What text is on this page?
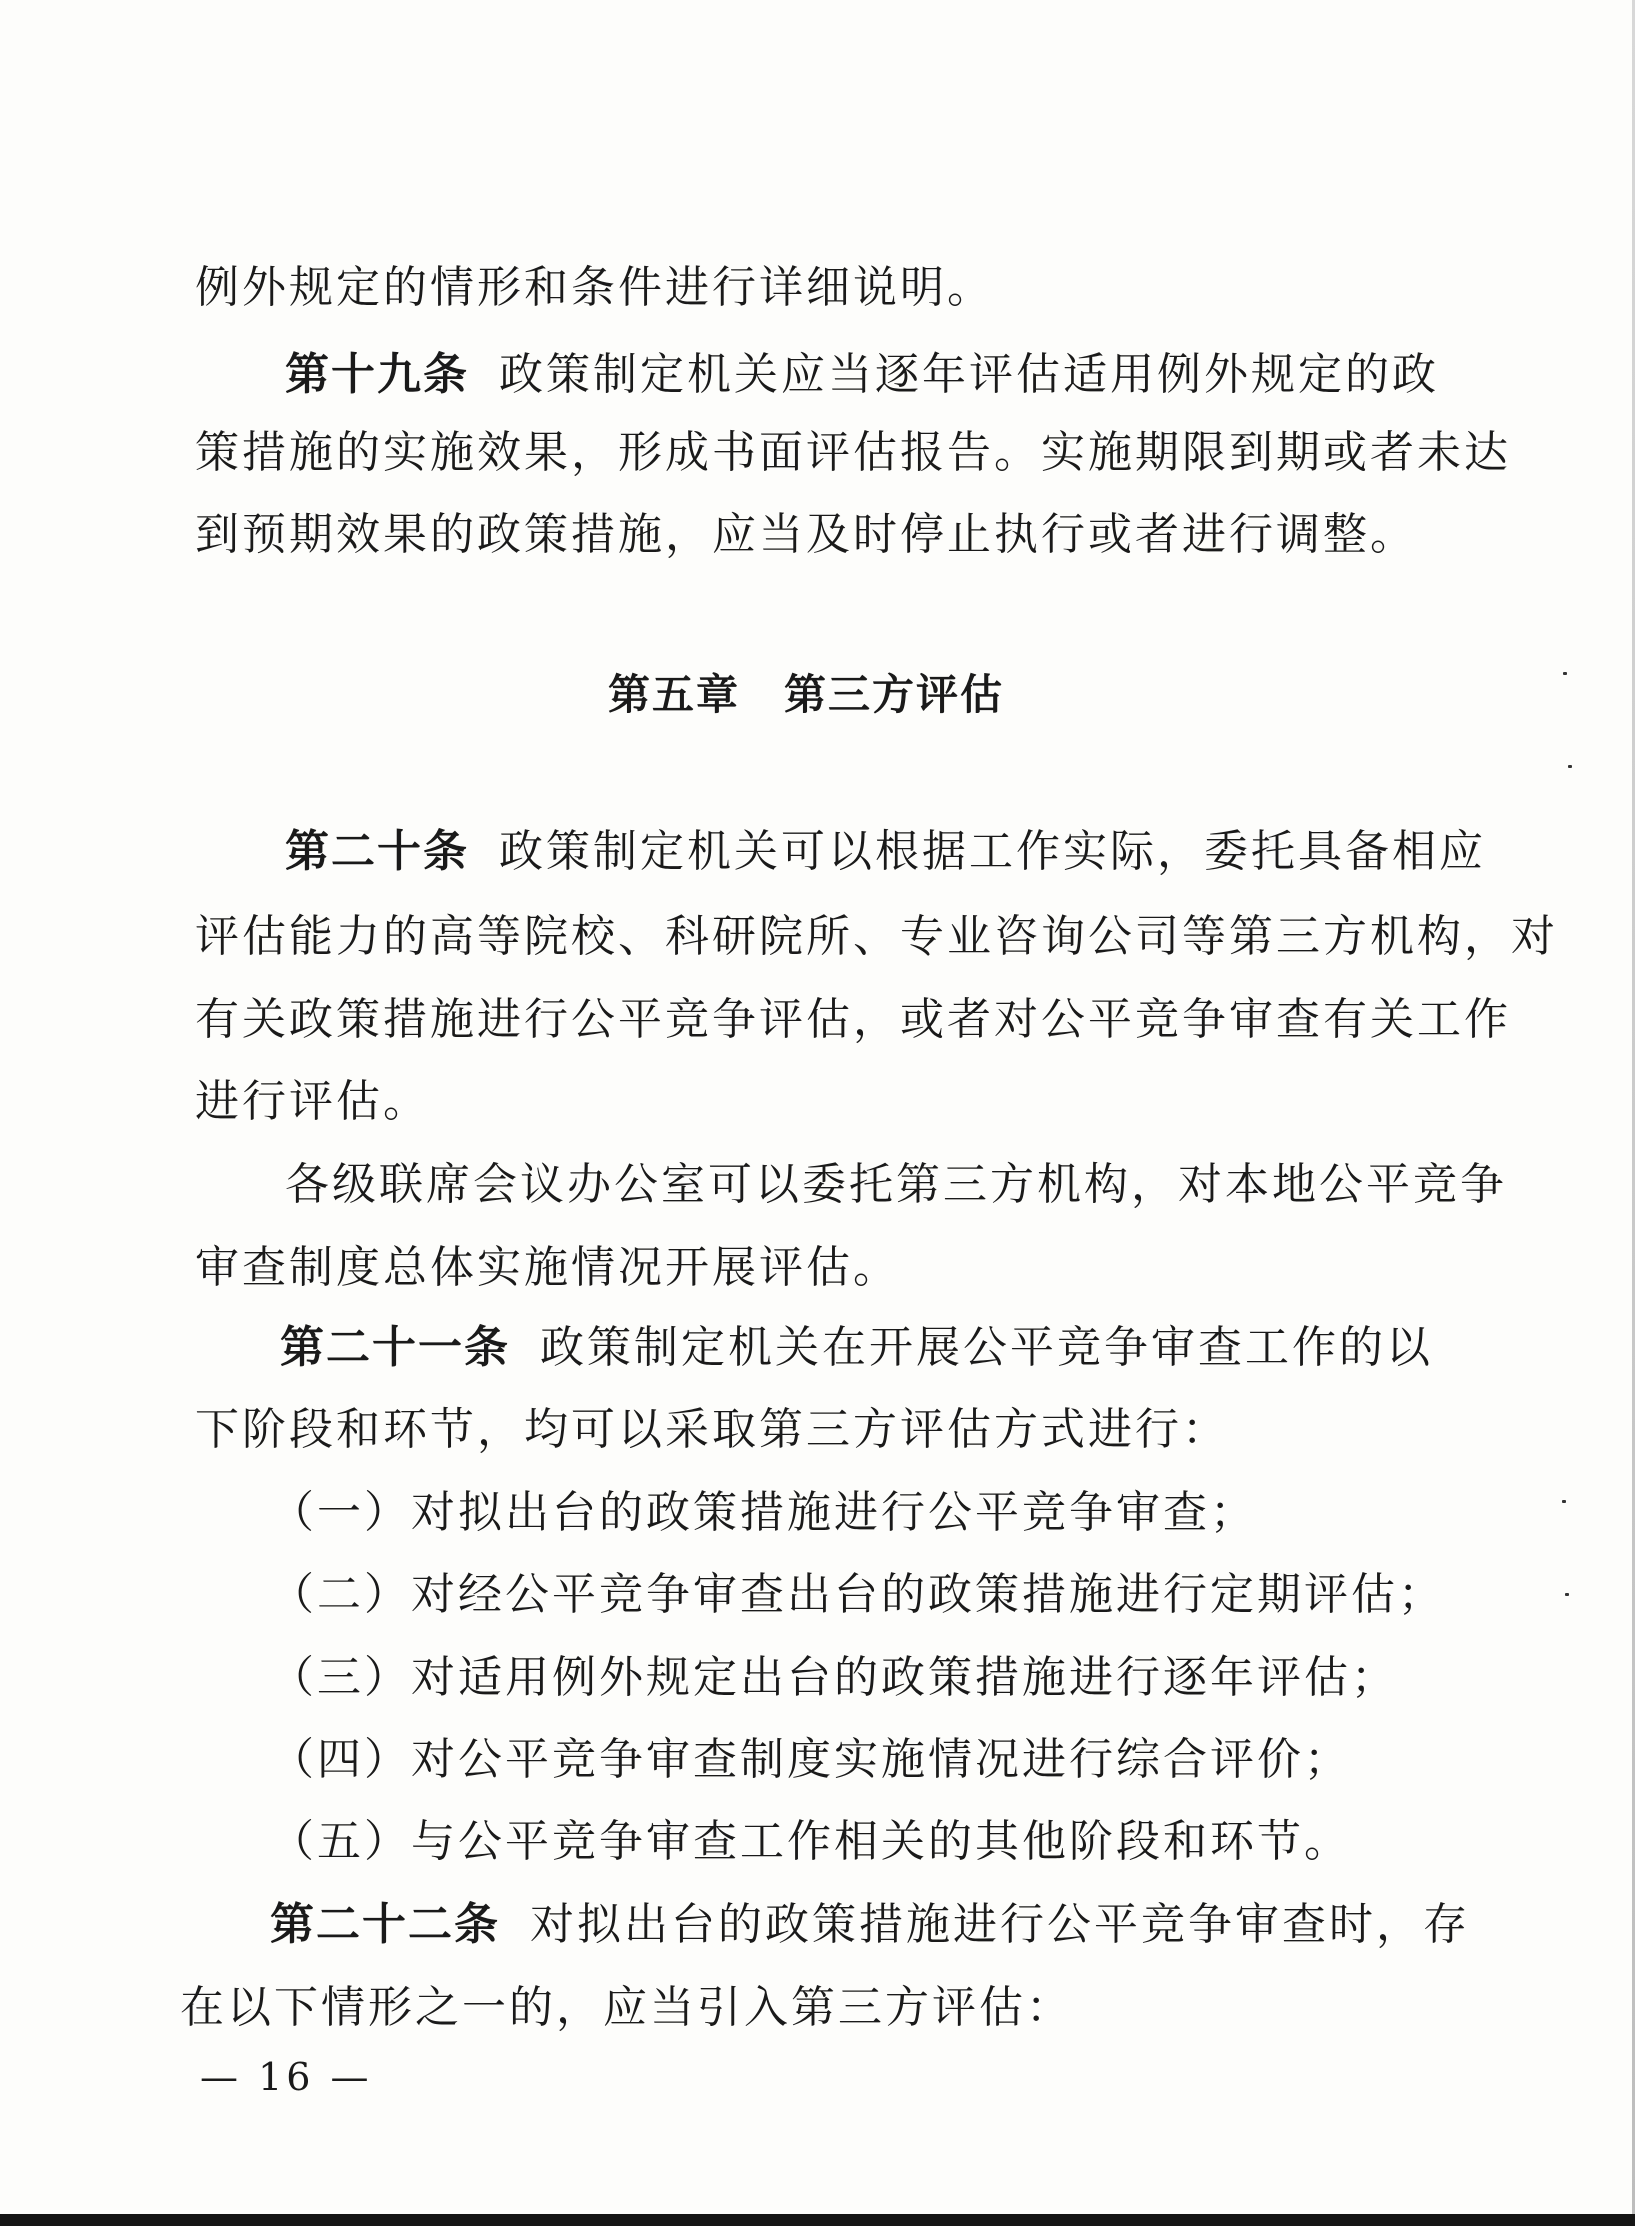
例外规定的情形和条件进行详细说明。
第十九条 政策制定机关应当逐年评估适用例外规定的政
策措施的实施效果，形成书面评估报告。实施期限到期或者未达
到预期效果的政策措施，应当及时停止执行或者进行调整。
第五章 第三方评估
第二十条 政策制定机关可以根据工作实际，委托具备相应
评估能力的高等院校、科研院所、专业咨询公司等第三方机构，对
有关政策措施进行公平竞争评估，或者对公平竞争审查有关工作
进行评估。
各级联席会议办公室可以委托第三方机构，对本地公平竞争
审查制度总体实施情况开展评估。
第二十一条 政策制定机关在开展公平竞争审查工作的以
下阶段和环节，均可以采取第三方评估方式进行：
（一）对拟出台的政策措施进行公平竞争审查；
（二）对经公平竞争审查出台的政策措施进行定期评估；
（三）对适用例外规定出台的政策措施进行逐年评估；
（四）对公平竞争审查制度实施情况进行综合评价；
（五）与公平竞争审查工作相关的其他阶段和环节。
第二十二条 对拟出台的政策措施进行公平竞争审查时，存
在以下情形之一的，应当引入第三方评估：
— 16 —
